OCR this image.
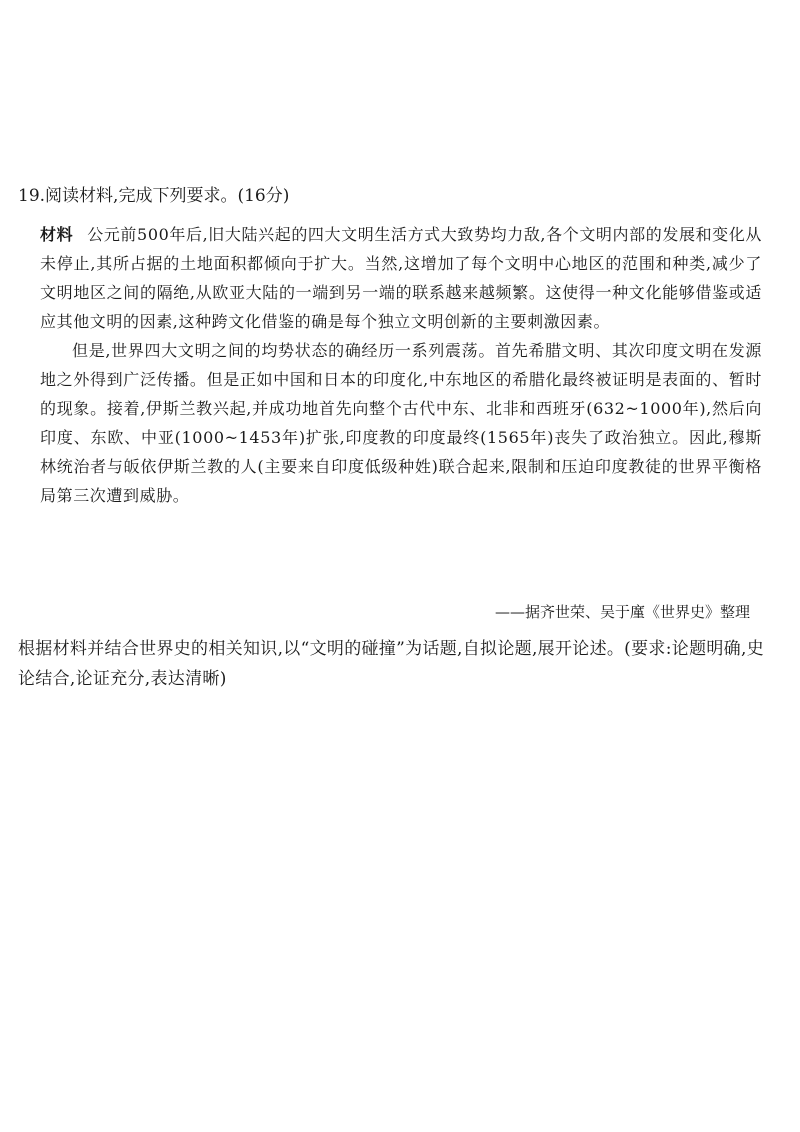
19.阅读材料,完成下列要求。(16分)

材料 公元前500年后,旧大陆兴起的四大文明生活方式大致势均力敌,各个文明内部的发展和变化从未停止,其所占据的土地面积都倾向于扩大。当然,这增加了每个文明中心地区的范围和种类,减少了文明地区之间的隔绝,从欧亚大陆的一端到另一端的联系越来越频繁。这使得一种文化能够借鉴或适应其他文明的因素,这种跨文化借鉴的确是每个独立文明创新的主要刺激因素。

但是,世界四大文明之间的均势状态的确经历一系列震荡。首先希腊文明、其次印度文明在发源地之外得到广泛传播。但是正如中国和日本的印度化,中东地区的希腊化最终被证明是表面的、暂时的现象。接着,伊斯兰教兴起,并成功地首先向整个古代中东、北非和西班牙(632~1000年),然后向印度、东欧、中亚(1000~1453年)扩张,印度教的印度最终(1565年)丧失了政治独立。因此,穆斯林统治者与皈依伊斯兰教的人(主要来自印度低级种姓)联合起来,限制和压迫印度教徒的世界平衡格局第三次遭到威胁。

——据齐世荣、吴于廑《世界史》整理
根据材料并结合世界史的相关知识,以“文明的碰撞”为话题,自拟论题,展开论述。(要求:论题明确,史论结合,论证充分,表达清晰)
